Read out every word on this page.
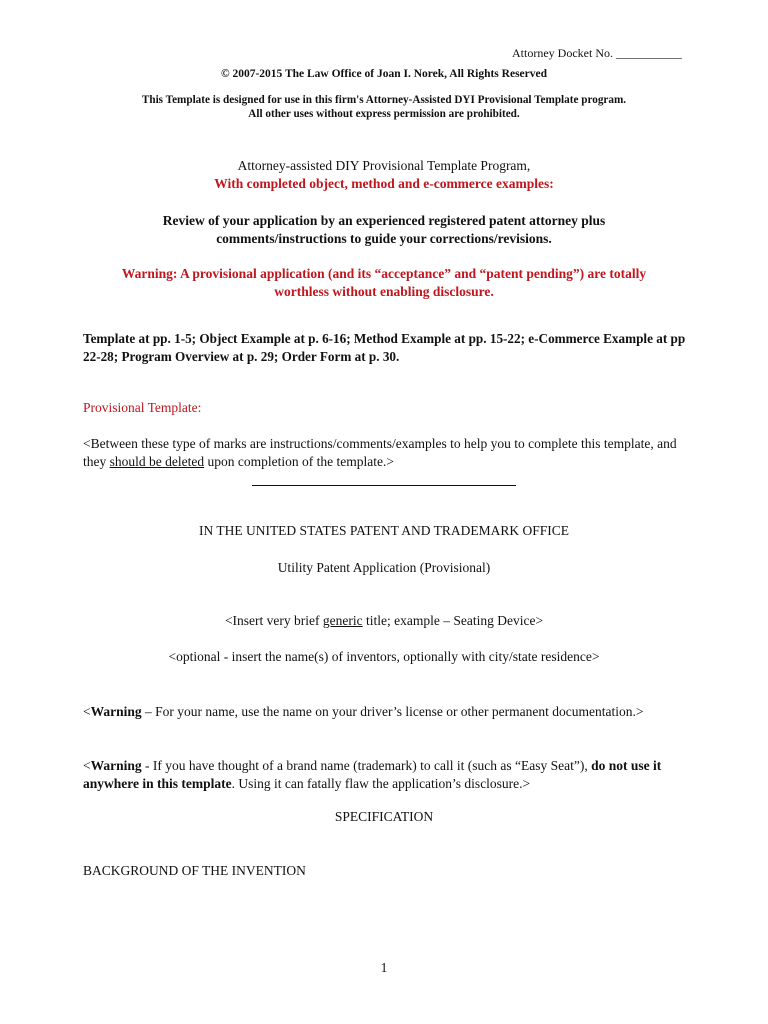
Attorney Docket No. ___________
© 2007-2015 The Law Office of Joan I. Norek, All Rights Reserved

This Template is designed for use in this firm's Attorney-Assisted DYI Provisional Template program.

All other uses without express permission are prohibited.

Attorney-assisted DIY Provisional Template Program,

With completed object, method and e-commerce examples:

Review of your application by an experienced registered patent attorney plus

comments/instructions to guide your corrections/revisions.

Warning: A provisional application (and its “acceptance” and “patent pending”) are totally

worthless without enabling disclosure.

Template at pp. 1-5; Object Example at p. 6-16; Method Example at pp. 15-22; e-Commerce Example at pp 22-28; Program Overview at p. 29; Order Form at p. 30.
Provisional Template:
<Between these type of marks are instructions/comments/examples to help you to complete this template, and they should be deleted upon completion of the template.>
IN THE UNITED STATES PATENT AND TRADEMARK OFFICE
Utility Patent Application (Provisional)
<Insert very brief generic title; example – Seating Device>
<optional - insert the name(s) of inventors, optionally with city/state residence>
<Warning – For your name, use the name on your driver’s license or other permanent documentation.>
<Warning - If you have thought of a brand name (trademark) to call it (such as “Easy Seat”), do not use it anywhere in this template. Using it can fatally flaw the application’s disclosure.>
SPECIFICATION
BACKGROUND OF THE INVENTION
1
